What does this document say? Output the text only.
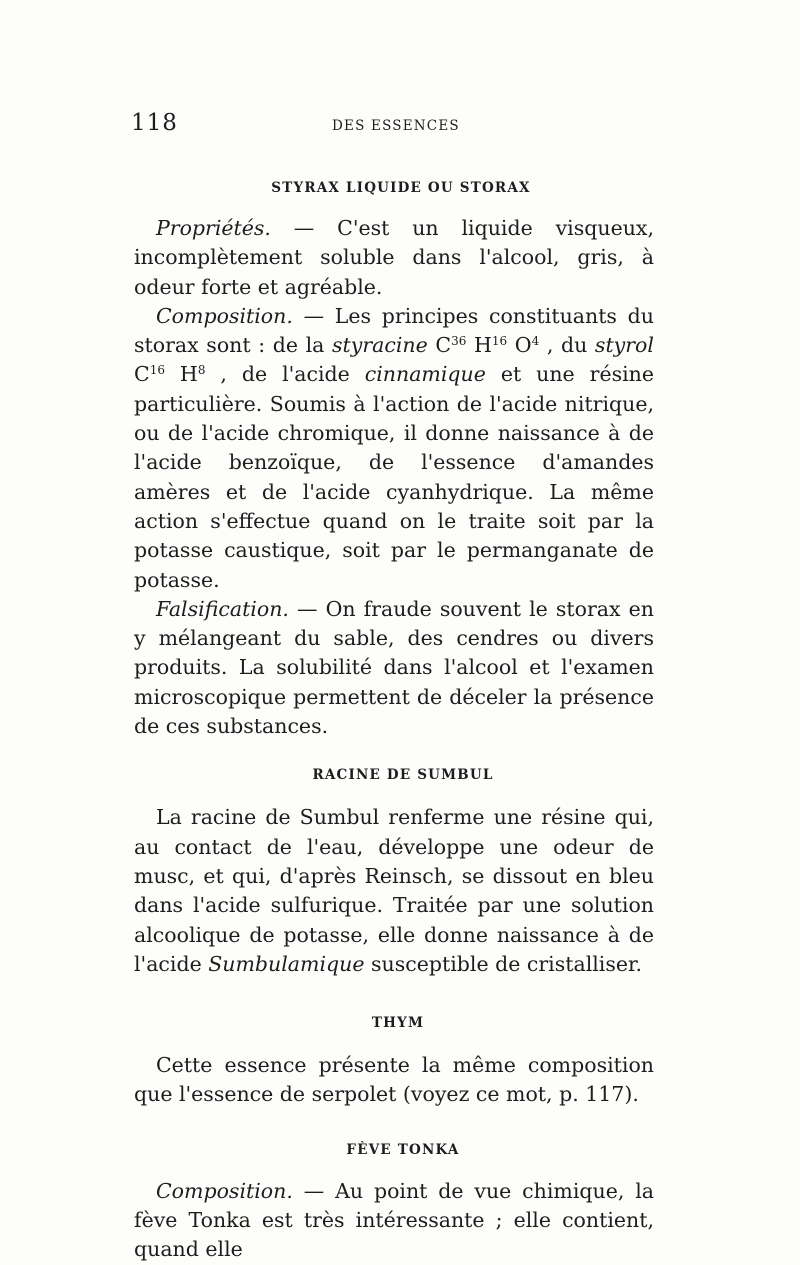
118	DES ESSENCES
STYRAX LIQUIDE OU STORAX

Propriétés. — C'est un liquide visqueux, incomplètement soluble dans l'alcool, gris, à odeur forte et agréable.

Composition. — Les principes constituants du storax sont : de la styracine $C^{36}$ $H^{16}$ $O^4$ , du styrol $C^{16}$ $H^8$ , de l'acide cinnamique et une résine particulière. Soumis à l'action de l'acide nitrique, ou de l'acide chromique, il donne naissance à de l'acide benzoïque, de l'essence d'amandes amères et de l'acide cyanhydrique. La même action s'effectue quand on le traite soit par la potasse caustique, soit par le permanganate de potasse.

Falsification. — On fraude souvent le storax en y mélangeant du sable, des cendres ou divers produits. La solubilité dans l'alcool et l'examen microscopique permettent de déceler la présence de ces substances.

RACINE DE SUMBUL

La racine de Sumbul renferme une résine qui, au contact de l'eau, développe une odeur de musc, et qui, d'après Reinsch, se dissout en bleu dans l'acide sulfurique. Traitée par une solution alcoolique de potasse, elle donne naissance à de l'acide Sumbulamique susceptible de cristalliser.

THYM

Cette essence présente la même composition que l'essence de serpolet (voyez ce mot, p. 117).

FÈVE TONKA

Composition. — Au point de vue chimique, la fève Tonka est très intéressante ; elle contient, quand elle
